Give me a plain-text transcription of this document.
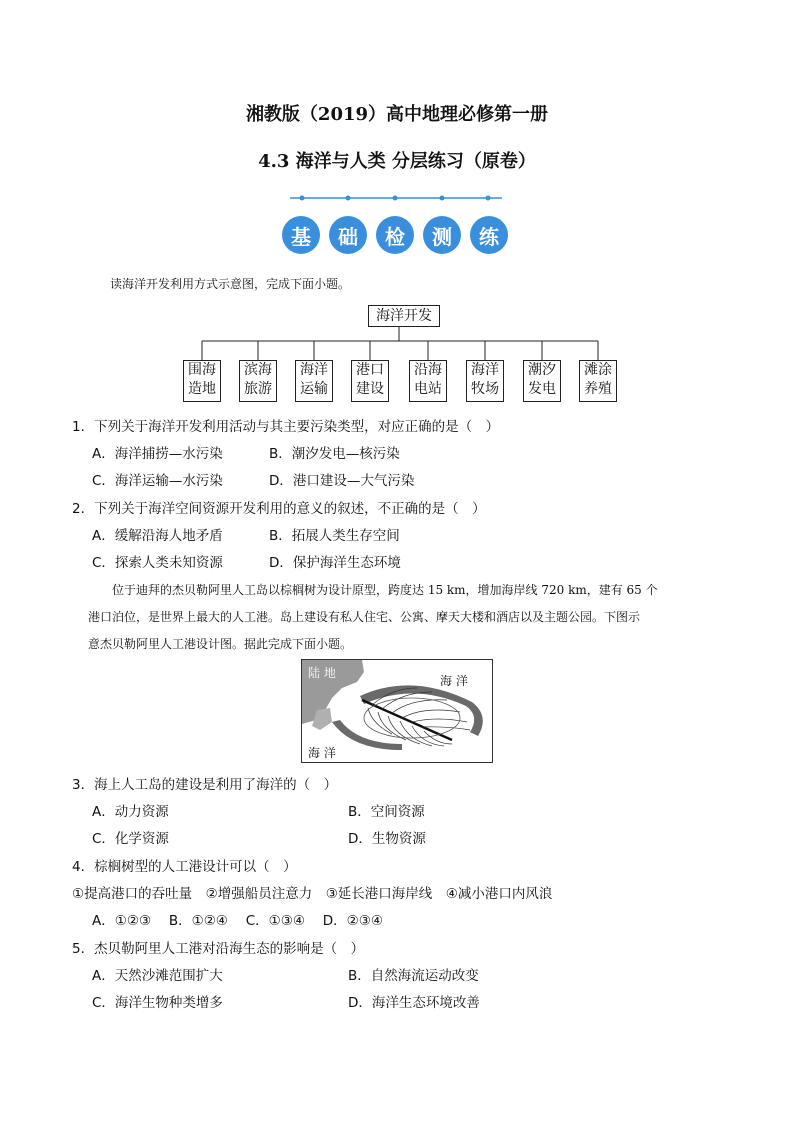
湘教版（2019）高中地理必修第一册
4.3 海洋与人类 分层练习（原卷）
基	础	检	测	练
读海洋开发利用方式示意图，完成下面小题。
海洋开发
围海
造地
滨海
旅游
海洋
运输
港口
建设
沿海
电站
海洋
牧场
潮汐
发电
滩涂
养殖
1．下列关于海洋开发利用活动与其主要污染类型，对应正确的是（　）
A．海洋捕捞—水污染	B．潮汐发电—核污染
C．海洋运输—水污染	D．港口建设—大气污染
2．下列关于海洋空间资源开发利用的意义的叙述，不正确的是（　）
A．缓解沿海人地矛盾	B．拓展人类生存空间
C．探索人类未知资源	D．保护海洋生态环境
位于迪拜的杰贝勒阿里人工岛以棕榈树为设计原型，跨度达 15 km，增加海岸线 720 km，建有 65 个
港口泊位，是世界上最大的人工港。岛上建设有私人住宅、公寓、摩天大楼和酒店以及主题公园。下图示
意杰贝勒阿里人工港设计图。据此完成下面小题。
陆 地
海 洋
海 洋
3．海上人工岛的建设是利用了海洋的（　）
A．动力资源	B．空间资源
C．化学资源	D．生物资源
4．棕榈树型的人工港设计可以（　）
①提高港口的吞吐量　②增强船员注意力　③延长港口海岸线　④减小港口内风浪
A．①②③　 B．①②④　 C．①③④　 D．②③④
5．杰贝勒阿里人工港对沿海生态的影响是（　）
A．天然沙滩范围扩大	B．自然海流运动改变
C．海洋生物种类增多	D．海洋生态环境改善
